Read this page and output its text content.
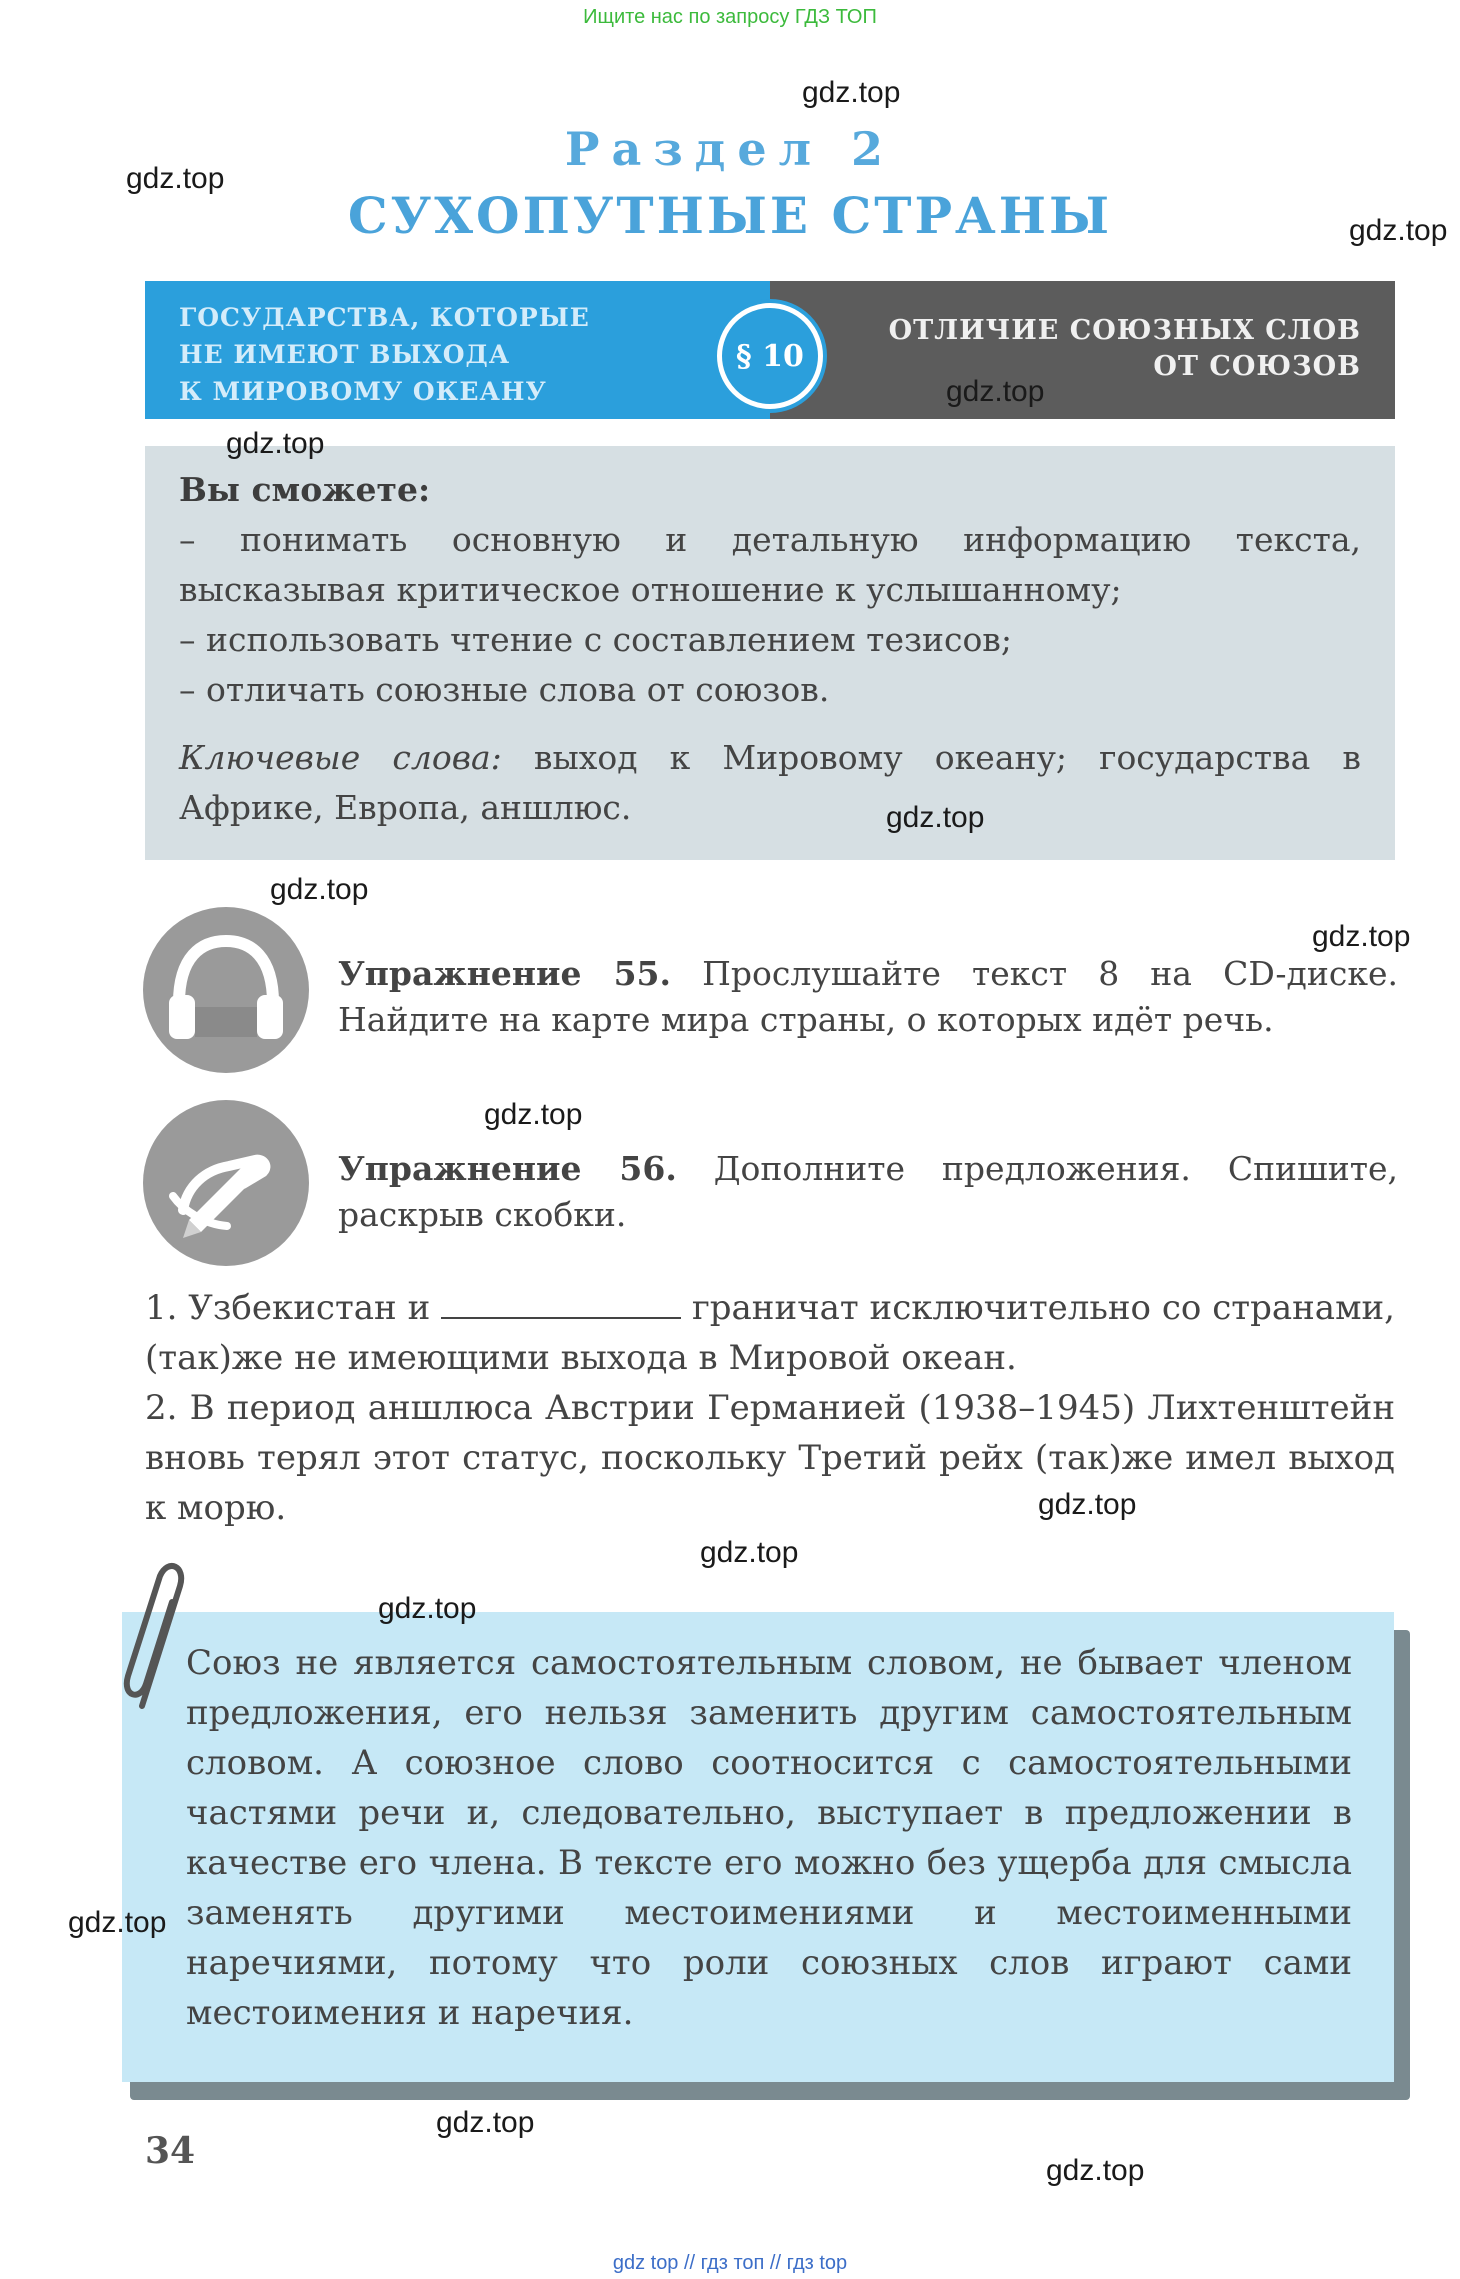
Ищите нас по запросу ГДЗ ТОП
Раздел 2
СУХОПУТНЫЕ СТРАНЫ
ГОСУДАРСТВА, КОТОРЫЕ
НЕ ИМЕЮТ ВЫХОДА
К МИРОВОМУ ОКЕАНУ
ОТЛИЧИЕ СОЮЗНЫХ СЛОВ
ОТ СОЮЗОВ
§ 10
Вы сможете:
– понимать основную и детальную информацию текста, высказывая критическое отношение к услышанному;
– использовать чтение с составлением тезисов;
– отличать союзные слова от союзов.
Ключевые слова: выход к Мировому океану; государства в Африке, Европа, аншлюс.
Упражнение 55. Прослушайте текст 8 на CD-диске. Найдите на карте мира страны, о которых идёт речь.
Упражнение 56. Дополните предложения. Спишите, раскрыв скобки.
1. Узбекистан и	граничат исключительно со странами, (так)же не имеющими выхода в Мировой океан.
2. В период аншлюса Австрии Германией (1938–1945) Лихтенштейн вновь терял этот статус, поскольку Третий рейх (так)же имел выход к морю.
Союз не является самостоятельным словом, не бывает членом предложения, его нельзя заменить другим самостоятельным словом. А союзное слово соотносится с самостоятельными частями речи и, следовательно, выступает в предложении в качестве его члена. В тексте его можно без ущерба для смысла заменять другими местоимениями и местоименными наречиями, потому что роли союзных слов играют сами местоимения и наречия.
34
gdz top // гдз топ // гдз top
gdz.top
gdz.top
gdz.top
gdz.top
gdz.top
gdz.top
gdz.top
gdz.top
gdz.top
gdz.top
gdz.top
gdz.top
gdz.top
gdz.top
gdz.top
